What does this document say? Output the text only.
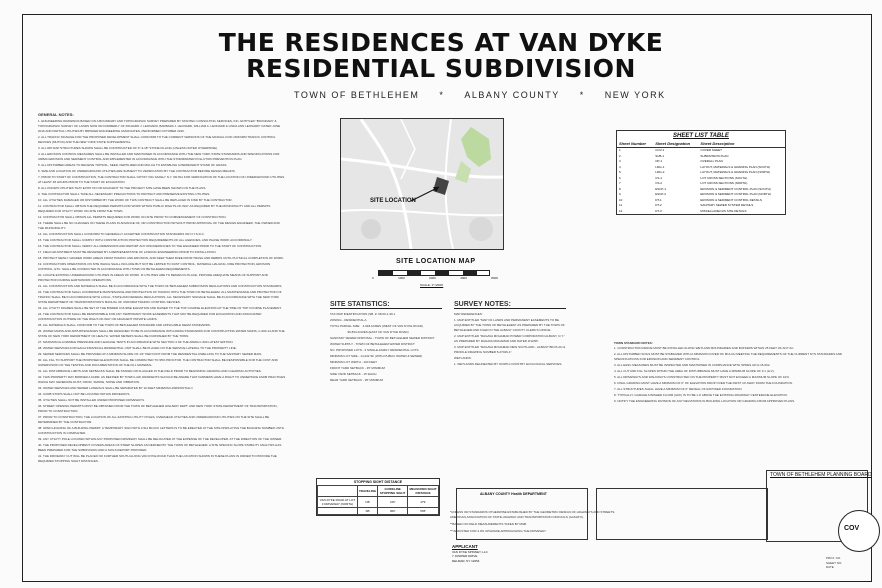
THE RESIDENCES AT VAN DYKE
RESIDENTIAL SUBDIVISION
TOWN OF BETHLEHEM * ALBANY COUNTY * NEW YORK
GENERAL NOTES:
1. ENGINEERING DRAWINGS BASED ON A BOUNDARY AND TOPOGRAPHIC SURVEY PREPARED BY STANTEC CONSULTING SERVICES, INC. ENTITLED "BOUNDARY & TOPOGRAPHIC SURVEY OF LANDS NOW OR FORMERLY OF RICHARD J. LEONARD, BARBARA J. LEONARD, WILLIAM A. LEONARD & LINDA ANN LEONARD" DATED JUNE 2016 AND PARTIAL UTILITIES BY BRINKER ENGINEERING ASSOCIATES, PERFORMED OCTOBER 2016.
2. ALL TRAFFIC SIGNAGE FOR THE PROPOSED DEVELOPMENT SHALL CONFORM TO THE CURRENT VERSIONS OF THE MANUAL FOR UNIFORM TRAFFIC CONTROL DEVICES (MUTCD) AND THE NEW YORK STATE SUPPLEMENTAL.
3. ALL RIP-RAP STRUCTURES SHOWN SHALL BE CONSTRUCTED OF 6"-3-18" STONE FILLING (UNLESS NOTED OTHERWISE).
4. ALL EROSION CONTROL MEASURES SHALL BE INSTALLED AND MAINTAINED IN ACCORDANCE WITH THE NEW YORK STATE STANDARDS AND SPECIFICATIONS FOR URBAN EROSION AND SEDIMENT CONTROL AND IMPLEMENTED IN ACCORDANCE WITH THE STORMWATER POLLUTION PREVENTION PLAN.
5. ALL DISTURBED AREAS TO RECEIVE TOPSOIL, SEED, FERTILIZER AND MULCH TO ESTABLISH A PERMANENT STAND OF GRASS.
6. SIZE AND LOCATION OF UNDERGROUND UTILITIES ARE SUBJECT TO VERIFICATION BY THE CONTRACTOR BEFORE DESIGN BEGINS.
7. PRIOR TO START OF CONSTRUCTION, THE CONTRACTOR SHALL NOTIFY DIG SAFELY N.Y. OR 811 FOR VERIFICATION OF THE LOCATION OF UNDERGROUND UTILITIES AT LEAST 48 HOURS PRIOR TO THE START OF EXCAVATION.
8. ALL KNOWN UTILITIES THAT EXIST ON OR ADJACENT TO THE PROJECT SITE HAVE BEEN SHOWN ON THE PLANS.
9. THE CONTRACTOR SHALL TAKE ALL NECESSARY PRECAUTIONS TO PROTECT AND PRESERVE EXISTING UTILITIES.
10. ALL UTILITIES DAMAGED OR DISTURBED BY THE WORK OF THIS CONTRACT SHALL BE REPLACED IN KIND BY THE CONTRACTOR.
11. CONTRACTOR SHALL OBTAIN THE REQUIRED PERMITS FOR WORK WITHIN PUBLIC RIGHTS-OF-WAY AS REQUIRED BY THE MUNICIPALITY AND ALL PERMITS REQUIRED FOR UTILITY WORK ON-SITE FROM THE TOWN.
12. CONTRACTOR SHALL OBTAIN ALL PERMITS REQUIRED FOR WORK ON-SITE PRIOR TO COMMENCEMENT OF CONSTRUCTION.
13. THERE SHALL BE NO CHANGES ON THESE PLANS IN ADVANCE OF, OR CONSTRUCTION WITHOUT PRIOR APPROVAL OF THE DESIGN ENGINEER, THE OWNER AND THE MUNICIPALITY.
14. ALL CONSTRUCTION SHALL CONFORM TO GENERALLY ACCEPTED CONSTRUCTION STANDARDS OR N.Y.S.D.C.
15. THE CONTRACTOR SHALL COMPLY WITH CONSTRUCTION PROTECTION REQUIREMENTS OF ALL AGENCIES, AND PHASE WORK ACCORDINGLY.
16. THE CONTRACTOR SHALL VERIFY ALL DIMENSIONS AND REPORT ANY DISCREPANCIES TO THE ENGINEER PRIOR TO THE START OF CONSTRUCTION.
17. FIELD ADJUSTMENT MUST BE REVIEWED BY A REPRESENTATIVE OF LASKING ENGINEERING PRIOR TO INSTALLATION.
18. PROTECT NEWLY GRADED WORK AREAS FROM TRAFFIC AND EROSION, AND KEEP THEM FREE FROM TRASH AND DEBRIS UNTIL PHYSICAL COMPLETION OF WORK.
19. CONTRACTORS OPERATIONS ON SITE WHICH SHALL INCLUDE BUT NOT BE LIMITED TO DUST CONTROL, MATERIAL HAULING, FIRE PROTECTION, EROSION CONTROL, ETC. SHALL BE CONDUCTED IN ACCORDANCE WITH TOWN OF BETHLEHEM REQUIREMENTS.
20. LOCATE EXISTING UNDERGROUND UTILITIES IN AREAS OF WORK. IF UTILITIES ARE TO REMAIN IN PLACE, PROVIDE ADEQUATE MEANS OF SUPPORT AND PROTECTION DURING EARTHWORK OPERATIONS.
21. ALL CONSTRUCTION AND MATERIALS SHALL BE IN ACCORDANCE WITH THE TOWN OF BETHLEHEM SUBDIVISION REGULATIONS AND CONSTRUCTION STANDARDS.
22. THE CONTRACTOR SHALL COORDINATE MAINTENANCE AND PROTECTION OF TRAFFIC WITH THE TOWN OF BETHLEHEM. ALL MAINTENANCE AND PROTECTION OF TRAFFIC SHALL BE IN ACCORDANCE WITH LOCAL, STATE AND FEDERAL REGULATIONS. ALL NECESSARY SIGNAGE SHALL BE IN ACCORDANCE WITH THE NEW YORK STATE DEPARTMENT OF TRANSPORTATION'S MANUAL OF UNIFORM TRAFFIC CONTROL DEVICES.
23. ALL UTILITY FRAMES SHALL BE SET AT THE BINDER COURSE ELEVATION AND RAISED TO THE TOP COURSE ELEVATION AT THE TIME OF TOP COURSE PLACEMENT.
24. THE CONTRACTOR SHALL BE RESPONSIBLE FOR ANY TEMPORARY WORK EASEMENTS THAT MAY BE REQUIRED FOR EXCAVATION AND ASSOCIATED CONSTRUCTION OUTSIDE OF THE RIGHT-OF-WAY OR ADJACENT PRIVATE LANDS.
25. ALL MATERIALS SHALL CONFORM TO THE TOWN OF BETHLEHEM STANDARD AND APPLICABLE DEHM STANDARDS.
26. WATER MAINS AND APPURTENANCES SHALL BE DESIGNED TO BE IN ACCORDANCE WITH AWWA STANDARDS FOR CONSTRUCTING WATER MAINS, C-600-14 AND THE STATE OF NEW YORK DEPARTMENT OF HEALTH. WATER METERS SHALL BE FURNISHED BY THE TOWN.
27. MAXIMUM ALLOWABLE PRESSURE AND LEAKAGE TESTS IN ACCORDANCE WITH SECTION 4 OF THE AWWA C-600 LATEST EDITION.
28. WATER SERVICES FOR EACH INDIVIDUAL RESIDENTIAL UNIT SHALL BE PLACED ON THE SERVICE LATERAL TO THE PROPERTY LINE.
29. SEWER SERVICES SHALL BE PROVIDED AT A MINIMUM SLOPE OF 1/4" PER FOOT FROM THE RESIDENTIAL DWELLING TO THE SANITARY SEWER MAIN.
30. ALL FILL TO SUPPORT THE PROPOSED ELEVATIONS SHALL BE COMPACTED TO 95% PROCTOR. THE CONTRACTOR SHALL BE RESPONSIBLE FOR THE COST AND SUPERVISION OF THE TESTING AND DOCUMENTATION OF THE FILL MATERIAL.
31. ALL DISTURBANCE LIMITS AND SETBACKS SHALL BE STAKED OR FLAGGED IN THE FIELD PRIOR TO BEGINNING GRADING AND CLEARING ACTIVITIES.
32. THIS PROPERTY MAY BORDER A FARM. AS DEFINED BY TOWN LAW, RESIDENTS SHOULD BE AWARE THAT FARMERS HAVE A RIGHT TO UNDERTAKE FARM PRACTICES WHICH MAY GENERATE DUST, ODOR, SMOKE, NOISE AND VIBRATION.
33. WATER SERVICES AND SEWER LATERALS SHALL BE SEPARATED BY 10 FEET MINIMUM HORIZONTALLY.
34. CURB STOPS SHALL NOT BE LOCATED WITHIN DRIVEWAYS.
35. UTILITIES SHALL NOT BE INSTALLED UNDER PROPOSED DRIVEWAYS.
36. STREET OPENING PERMITS MUST BE OBTAINED FROM THE TOWN OF BETHLEHEM HIGHWAY DEPT. AND NEW YORK STATE DEPARTMENT OF TRANSPORTATION, PRIOR TO CONSTRUCTION.
37. PRIOR TO CONSTRUCTION, THE LOCATION OF ALL EXISTING UTILITY POLES, OVERHEAD UTILITIES AND UNDERGROUND UTILITIES ON THE SITE SHALL BE DETERMINED BY THE CONTRACTOR.
38. OPEN HOLDING OF A BUILDING PERMIT, A TEMPORARY SIGN WITH A 911 BLOCK LETTERS IS TO BE ERECTED AT THE SITE DISPLAYING THE BUILDING NUMBER UNTIL CONSTRUCTION IS COMPLETED.
39. ANY UTILITY POLE LOCATED WITHIN ANY PROPOSED DRIVEWAY SHALL BE RELOCATED AT THE EXPENSE OF THE DEVELOPER. AT THE DIRECTION OF THE OWNER.
40. THE PROPOSED DEVELOPMENT COVERS AREAS OF STEEP SLOPES AS DEFINED BY THE TOWN OF BETHLEHEM. A SITE SPECIFIC SLOPE STABILITY ANALYSIS HAS BEEN PREPARED FOR THE SUBDIVISION AND A SOILS REPORT PROVIDED.
41. THE DRIVEWAY CUT WILL BE PLACED NO FURTHER SOUTH ALONG VAN DYKE ROAD THAN THE LOCATION SHOWN IN THESE PLANS IN ORDER TO PROVIDE THE REQUIRED STOPPING SIGHT DISTANCES.
SITE LOCATION
SITE LOCATION MAP
0	1000	2000	4000	8000
SCALE: 1"=2000'
SHEET LIST TABLE
Sheet Number	Sheet Designation	Sheet Description
1	COV-1	COVER SHEET
2	SUB-1	SUBDIVISION PLAN
3	OP-1	OVERALL PLAN
4	LMG-1	LAYOUT, MATERIALS & GRADING PLAN (SOUTH)
5	LMG-2	LAYOUT, MATERIALS & GRADING PLAN (NORTH)
6	CS-1	LOT CROSS SECTIONS (SOUTH)
7	CS-2	LOT CROSS SECTIONS (NORTH)
8	ESCP-1	EROSION & SEDIMENT CONTROL PLAN (SOUTH)
9	ESCP-2	EROSION & SEDIMENT CONTROL PLAN (NORTH)
10	DT-1	EROSION & SEDIMENT CONTROL DETAILS
11	DT-2	SANITARY SEWER SYSTEM DETAILS
12	DT-3	MISCELLANEOUS SITE DETAILS
SITE STATISTICS:
TAX MAP IDENTIFICATION (SB. #: 98.00-1-39.1
ZONING - RESIDENTIAL A
TOTAL PARCEL SIZE:   4.918 ACRES (WEST OF VAN DYKE ROAD)
96.834 ACRES (EAST OF VAN DYKE ROAD)
SANITARY SEWER DISPOSAL - TOWN OF BETHLEHEM SEWER DISTRICT
WATER SUPPLY - TOWN OF BETHLEHEM WATER DISTRICT
NO. PROPOSED LOTS - 3 SINGLE-FAMILY RESIDENTIAL LOTS
MINIMUM LOT SIZE - 14,232 SF (WITH PUBLIC WATER & SEWER)
MINIMUM LOT WIDTH - 100 FEET
FRONT YARD SETBACK - 35' MINIMUM
SIDE YARD SETBACK - 15' EACH
REAR YARD SETBACK - 35' MINIMUM
SURVEY NOTES:
MAP REFERENCES:
1. MAP ENTITLED "MAP OF LANDS AND PERMANENT EASEMENTS TO BE ACQUIRED BY THE TOWN OF BETHLEHEM" AS PREPARED BY THE TOWN OF BETHLEHEM AND FILED IN THE ALBANY COUNTY CLERK'S OFFICE.
2. MAP ENTITLED "RAGAVA MOHAMAD POWER CORPORATION ALBANY, N.Y." AS PREPARED BY RAGAVA MOHAMAD AND DATED 3/12/95.
3. MAP ENTITLED "RAGAVA MOHAMAD NEW SCOTLAND - ALBANY BR PLAN & PROFILE DRAWING NUMBER 5-27046-1".
WETLANDS:
1. WETLANDS DELINEATED BY NORTH COUNTRY ECOLOGICAL SERVICES.
TOWN STANDARD NOTES:
1. CONSTRUCTION FENCE MUST BE INSTALLED ALONG WETLAND BOUNDARIES AND BUFFERS WITHIN 25 FEET OF ANY AC.
2. ALL DISTURBED SOILS MUST BE STABILIZED WITH A MINIMUM COVER OF MULCH MEETING THE REQUIREMENTS OF THE CURRENT NYS STANDARDS AND SPECIFICATIONS FOR EROSION AND SEDIMENT CONTROL.
3. ALL E&SC MEASURES MUST BE INSPECTED AND MAINTAINED IN COMPLIANCE WITH SPDES GP-0-15-002.
4. ALL CUT AND FILL SLOPES WITHIN THE AREA OF DISTURBANCE MUST HAVE A MINIMUM SLOPE OF 3:1 (H:V).
5. ALL DRIVEWAYS AND WALKWAYS CONSTRUCTED ON THE PROPERTY MUST NOT EXCEED A MAXIMUM SLOPE OF 10%.
6. FINAL GRADING MUST HAVE A MINIMUM OF 6" OF ELEVATION DROP OVER THE FIRST 10' AWAY FROM THE FOUNDATION.
7. ALL STRUCTURES SHALL HAVE A MINIMUM OF 6" REVEAL OF EXPOSED FOUNDATION.
8. TYPICALLY, GARAGE FINISHED FLOOR (GFF) IS TO BE 1.0' ABOVE THE EXISTING ROADWAY CENTERLINE ELEVATION.
9. NOTIFY THE ENGINEERING DIVISION OF ANY DEVIATIONS IN BUILDING LOCATION OR GRADING FROM APPROVED PLANS.
STOPPING SIGHT DISTANCE
	TRAVELING	GUIDELINE STOPPING SIGHT	MEASURED SIGHT DISTANCE
VAN DYKE ROAD AT LOT 3 DRIVEWAY (NORTH)	NB	415'	479'
	SB	360'	565'	*UNLESS OR STANDARDS OTHERWISE ESTABLISHED BY THE GEOMETRIC DESIGN OF HIGHWAYS AND STREETS, AMERICAN ASSOCIATION OF STATE HIGHWAY AND TRANSPORTATION OFFICIALS (AASHTO).
**BASED ON FIELD MEASUREMENTS TAKEN BY MSB.
***ADJUSTED FOR 4.0% UPGRADE APPROACHING THE DRIVEWAY.
ALBANY COUNTY Health DEPARTMENT
TOWN OF BETHLEHEM PLANNING BOARD
APPLICANT
VAN DYKE SPINNEY, LLC
7 JUNIPER DRIVE
DELMAR, NY 12054
COV
PROJ. NO.
SHEET NO.
DATE
